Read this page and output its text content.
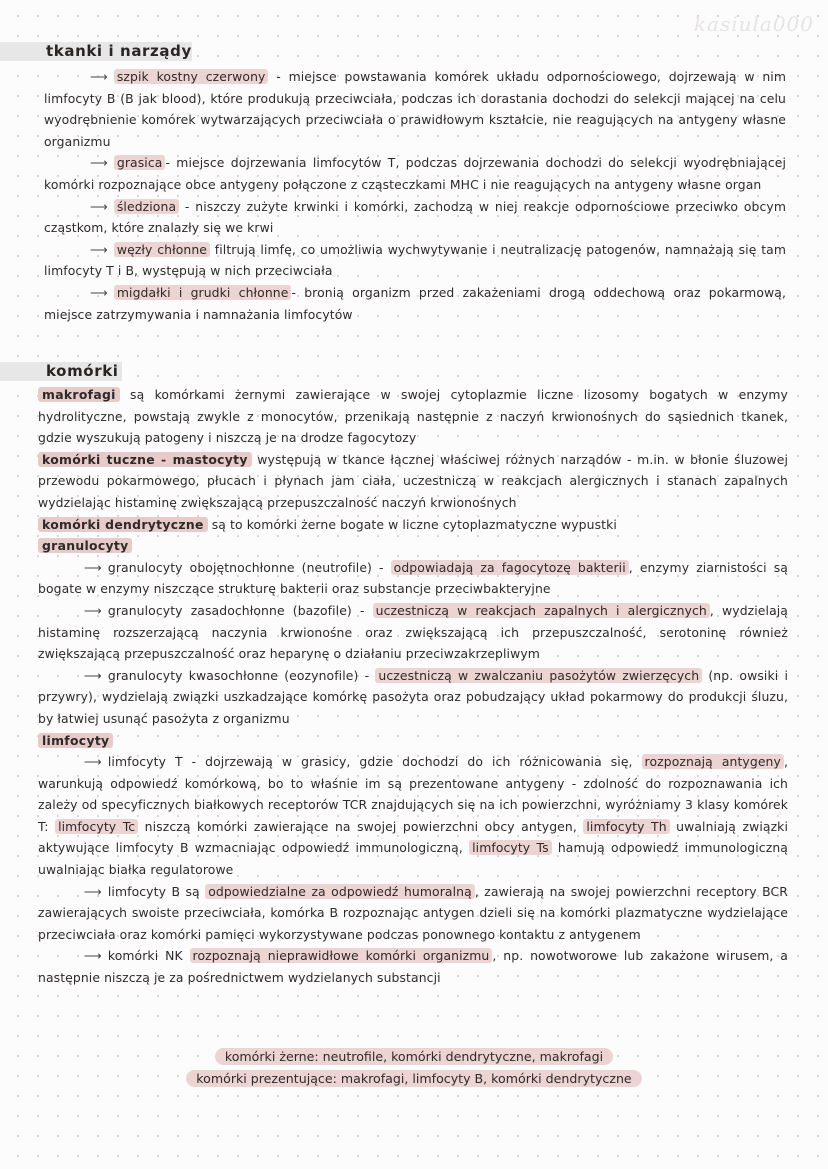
kasiula000
tkanki i narządy
⟶ szpik kostny czerwony - miejsce powstawania komórek układu odpornościowego, dojrzewają w nim limfocyty B (B jak blood), które produkują przeciwciała, podczas ich dorastania dochodzi do selekcji mającej na celu wyodrębnienie komórek wytwarzających przeciwciała o prawidłowym kształcie, nie reagujących na antygeny własne organizmu
⟶ grasica - miejsce dojrzewania limfocytów T, podczas dojrzewania dochodzi do selekcji wyodrębniającej komórki rozpoznające obce antygeny połączone z cząsteczkami MHC i nie reagujących na antygeny własne organ
⟶ śledziona - niszczy zużyte krwinki i komórki, zachodzą w niej reakcje odpornościowe przeciwko obcym cząstkom, które znalazły się we krwi
⟶ węzły chłonne filtrują limfę, co umożliwia wychwytywanie i neutralizację patogenów, namnażają się tam limfocyty T i B, występują w nich przeciwciała
⟶ migdałki i grudki chłonne - bronią organizm przed zakażeniami drogą oddechową oraz pokarmową, miejsce zatrzymywania i namnażania limfocytów
komórki
makrofagi są komórkami żernymi zawierające w swojej cytoplazmie liczne lizosomy bogatych w enzymy hydrolityczne, powstają zwykle z monocytów, przenikają następnie z naczyń krwionośnych do sąsiednich tkanek, gdzie wyszukują patogeny i niszczą je na drodze fagocytozy
komórki tuczne - mastocyty występują w tkance łącznej właściwej różnych narządów - m.in. w błonie śluzowej przewodu pokarmowego, płucach i płynach jam ciała, uczestniczą w reakcjach alergicznych i stanach zapalnych wydzielając histaminę zwiększającą przepuszczalność naczyń krwionośnych
komórki dendrytyczne są to komórki żerne bogate w liczne cytoplazmatyczne wypustki
granulocyty
⟶ granulocyty obojętnochłonne (neutrofile) - odpowiadają za fagocytozę bakterii , enzymy ziarnistości są bogate w enzymy niszczące strukturę bakterii oraz substancje przeciwbakteryjne
⟶ granulocyty zasadochłonne (bazofile) - uczestniczą w reakcjach zapalnych i alergicznych , wydzielają histaminę rozszerzającą naczynia krwionośne oraz zwiększającą ich przepuszczalność, serotoninę również zwiększającą przepuszczalność oraz heparynę o działaniu przeciwzakrzepliwym
⟶ granulocyty kwasochłonne (eozynofile) - uczestniczą w zwalczaniu pasożytów zwierzęcych (np. owsiki i przywry), wydzielają związki uszkadzające komórkę pasożyta oraz pobudzający układ pokarmowy do produkcji śluzu, by łatwiej usunąć pasożyta z organizmu
limfocyty
⟶ limfocyty T - dojrzewają w grasicy, gdzie dochodzi do ich różnicowania się, rozpoznają antygeny , warunkują odpowiedź komórkową, bo to właśnie im są prezentowane antygeny - zdolność do rozpoznawania ich zależy od specyficznych białkowych receptorów TCR znajdujących się na ich powierzchni, wyróżniamy 3 klasy komórek T: limfocyty Tc niszczą komórki zawierające na swojej powierzchni obcy antygen, limfocyty Th uwalniają związki aktywujące limfocyty B wzmacniając odpowiedź immunologiczną, limfocyty Ts hamują odpowiedź immunologiczną uwalniając białka regulatorowe
⟶ limfocyty B są odpowiedzialne za odpowiedź humoralną , zawierają na swojej powierzchni receptory BCR zawierających swoiste przeciwciała, komórka B rozpoznając antygen dzieli się na komórki plazmatyczne wydzielające przeciwciała oraz komórki pamięci wykorzystywane podczas ponownego kontaktu z antygenem
⟶ komórki NK rozpoznają nieprawidłowe komórki organizmu , np. nowotworowe lub zakażone wirusem, a następnie niszczą je za pośrednictwem wydzielanych substancji
komórki żerne: neutrofile, komórki dendrytyczne, makrofagi
komórki prezentujące: makrofagi, limfocyty B, komórki dendrytyczne
